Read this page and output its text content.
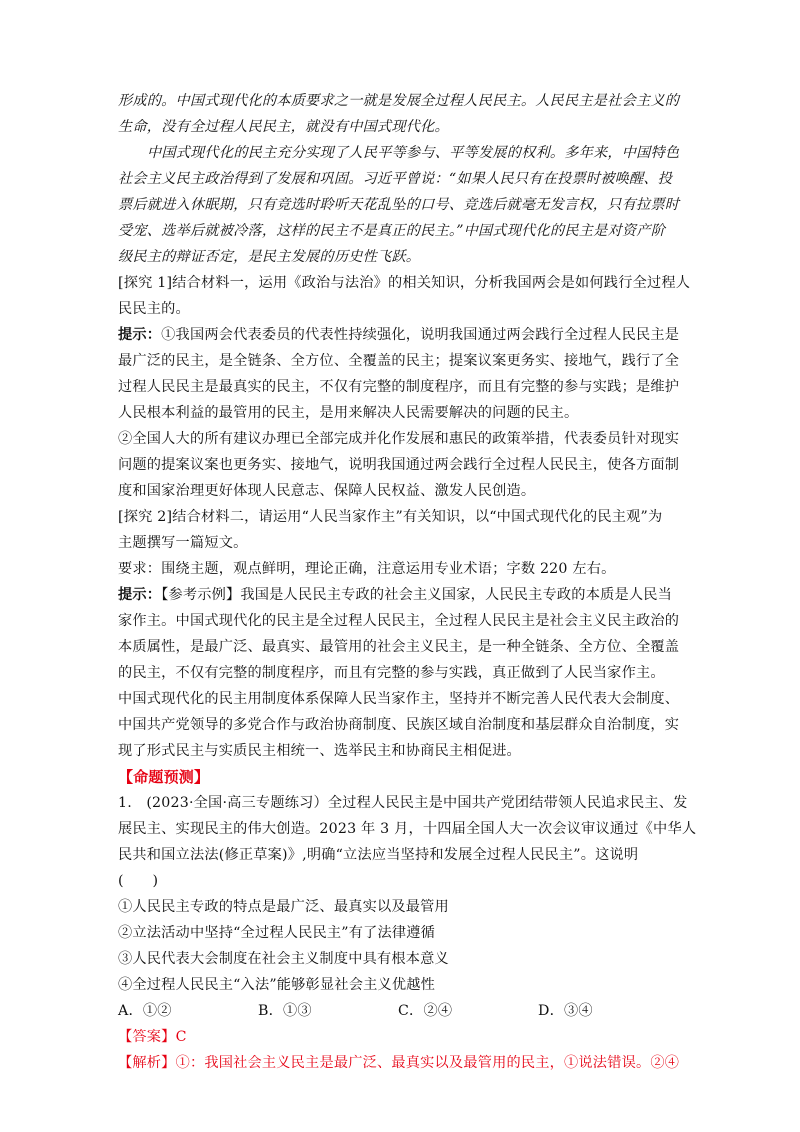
形成的。中国式现代化的本质要求之一就是发展全过程人民民主。人民民主是社会主义的
生命，没有全过程人民民主，就没有中国式现代化。
中国式现代化的民主充分实现了人民平等参与、平等发展的权利。多年来，中国特色
社会主义民主政治得到了发展和巩固。习近平曾说：“如果人民只有在投票时被唤醒、投
票后就进入休眠期，只有竞选时聆听天花乱坠的口号、竞选后就毫无发言权，只有拉票时
受宠、选举后就被冷落，这样的民主不是真正的民主。”中国式现代化的民主是对资产阶
级民主的辩证否定，是民主发展的历史性飞跃。
[探究 1]结合材料一，运用《政治与法治》的相关知识，分析我国两会是如何践行全过程人
民民主的。
提示：①我国两会代表委员的代表性持续强化，说明我国通过两会践行全过程人民民主是
最广泛的民主，是全链条、全方位、全覆盖的民主；提案议案更务实、接地气，践行了全
过程人民民主是最真实的民主，不仅有完整的制度程序，而且有完整的参与实践；是维护
人民根本利益的最管用的民主，是用来解决人民需要解决的问题的民主。
②全国人大的所有建议办理已全部完成并化作发展和惠民的政策举措，代表委员针对现实
问题的提案议案也更务实、接地气，说明我国通过两会践行全过程人民民主，使各方面制
度和国家治理更好体现人民意志、保障人民权益、激发人民创造。
[探究 2]结合材料二，请运用“人民当家作主”有关知识，以“中国式现代化的民主观”为
主题撰写一篇短文。
要求：围绕主题，观点鲜明，理论正确，注意运用专业术语；字数 220 左右。
提示：【参考示例】我国是人民民主专政的社会主义国家，人民民主专政的本质是人民当
家作主。中国式现代化的民主是全过程人民民主，全过程人民民主是社会主义民主政治的
本质属性，是最广泛、最真实、最管用的社会主义民主，是一种全链条、全方位、全覆盖
的民主，不仅有完整的制度程序，而且有完整的参与实践，真正做到了人民当家作主。
中国式现代化的民主用制度体系保障人民当家作主，坚持并不断完善人民代表大会制度、
中国共产党领导的多党合作与政治协商制度、民族区域自治制度和基层群众自治制度，实
现了形式民主与实质民主相统一、选举民主和协商民主相促进。
【命题预测】
1.　(2023·全国·高三专题练习）全过程人民民主是中国共产党团结带领人民追求民主、发
展民主、实现民主的伟大创造。2023 年 3 月，十四届全国人大一次会议审议通过《中华人
民共和国立法法(修正草案)》,明确“立法应当坚持和发展全过程人民民主”。这说明
(　　)
①人民民主专政的特点是最广泛、最真实以及最管用
②立法活动中坚持“全过程人民民主”有了法律遵循
③人民代表大会制度在社会主义制度中具有根本意义
④全过程人民民主“入法”能够彰显社会主义优越性
A．①②	B．①③	C．②④	D．③④
【答案】C
【解析】①：我国社会主义民主是最广泛、最真实以及最管用的民主，①说法错误。②④
